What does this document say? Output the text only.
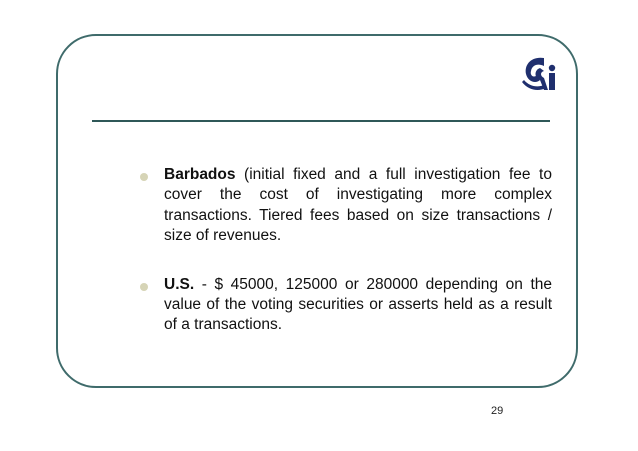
Barbados (initial fixed and a full investigation fee to cover the cost of investigating more complex transactions. Tiered fees based on size transactions / size of revenues.
U.S. - $ 45000, 125000 or 280000 depending on the value of the voting securities or asserts held as a result of a transactions.
29
